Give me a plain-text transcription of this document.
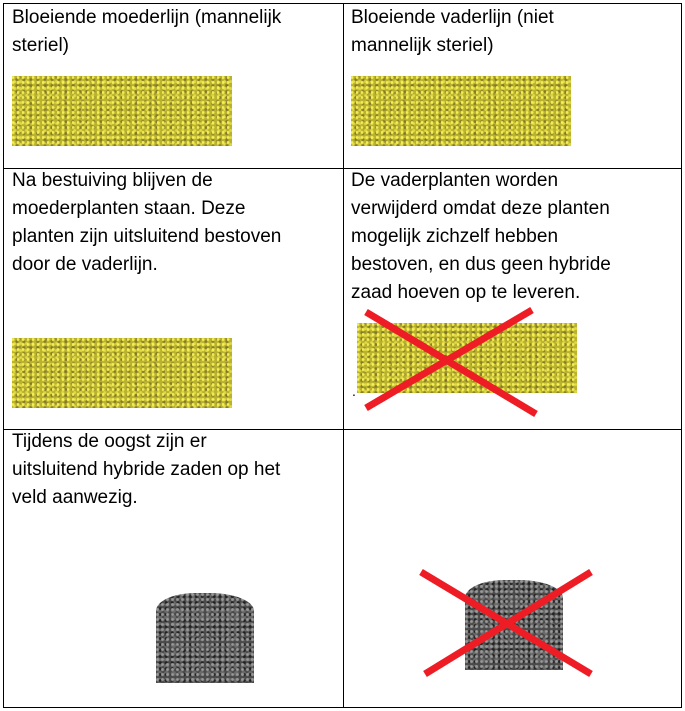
Bloeiende moederlijn (mannelijk
steriel)
Bloeiende vaderlijn (niet
mannelijk steriel)
Na bestuiving blijven de
moederplanten staan. Deze
planten zijn uitsluitend bestoven
door de vaderlijn.
De vaderplanten worden
verwijderd omdat deze planten
mogelijk zichzelf hebben
bestoven, en dus geen hybride
zaad hoeven op te leveren.
.
Tijdens de oogst zijn er
uitsluitend hybride zaden op het
veld aanwezig.
